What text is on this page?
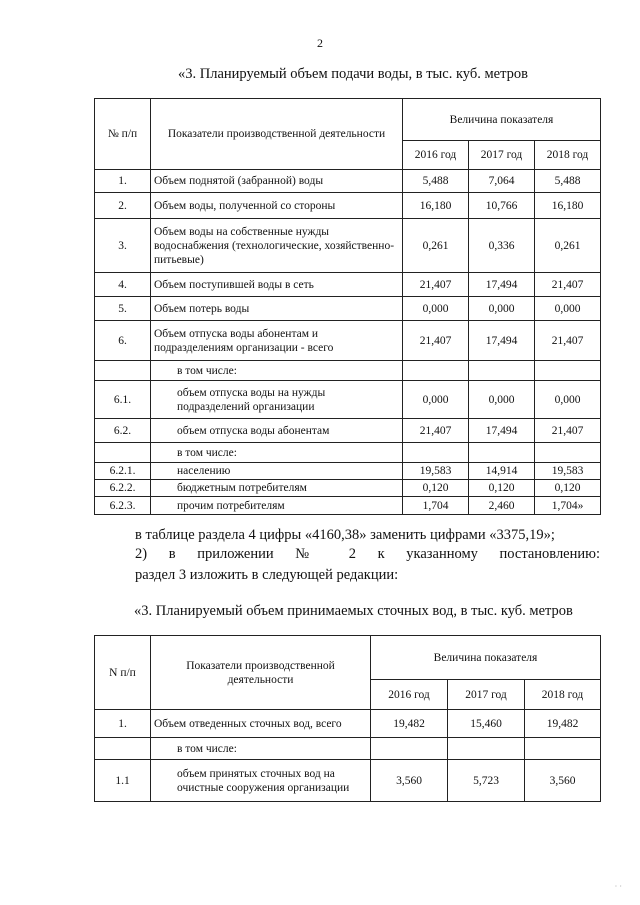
2
«3. Планируемый объем подачи воды, в тыс. куб. метров
№ п/п	Показатели производственной деятельности	Величина показателя		
		2016 год	2017 год	2018 год
1.	Объем поднятой (забранной) воды	5,488	7,064	5,488
2.	Объем воды, полученной со стороны	16,180	10,766	16,180
3.	Объем воды на собственные нужды водоснабжения (технологические, хозяйственно-питьевые)	0,261	0,336	0,261
4.	Объем поступившей воды в сеть	21,407	17,494	21,407
5.	Объем потерь воды	0,000	0,000	0,000
6.	Объем отпуска воды абонентам и подразделениям организации - всего	21,407	17,494	21,407
	в том числе:			
6.1.	объем отпуска воды на нужды подразделений организации	0,000	0,000	0,000
6.2.	объем отпуска воды абонентам	21,407	17,494	21,407
	в том числе:			
6.2.1.	населению	19,583	14,914	19,583
6.2.2.	бюджетным потребителям	0,120	0,120	0,120
6.2.3.	прочим потребителям	1,704	2,460	1,704»
в таблице раздела 4 цифры «4160,38» заменить цифрами «3375,19»;
2) в приложении № 2 к указанному постановлению:
раздел 3 изложить в следующей редакции:
«3. Планируемый объем принимаемых сточных вод, в тыс. куб. метров
N п/п	Показатели производственной деятельности	Величина показателя		
		2016 год	2017 год	2018 год
1.	Объем отведенных сточных вод, всего	19,482	15,460	19,482
	в том числе:			
1.1	объем принятых сточных вод на очистные сооружения организации	3,560	5,723	3,560
· ·
